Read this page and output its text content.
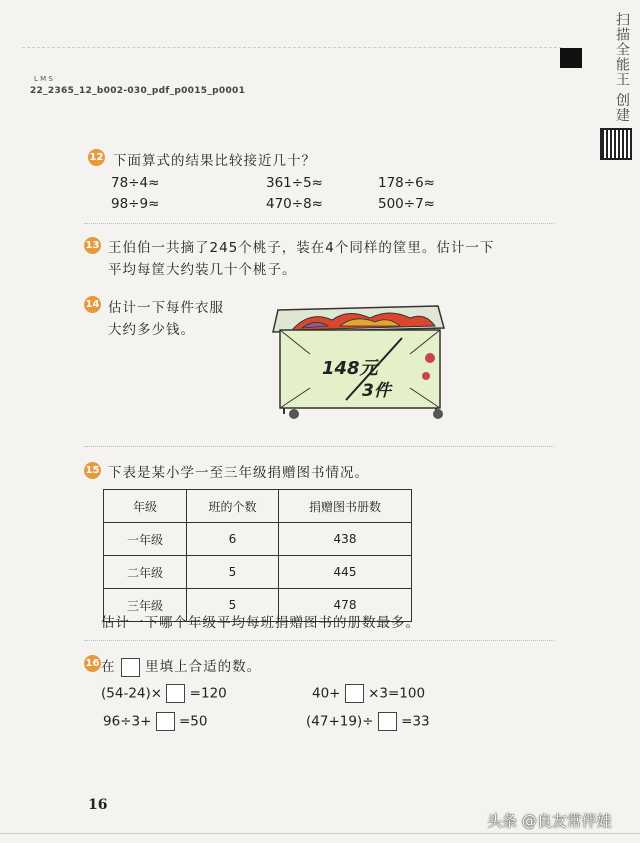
L M S
22_2365_12_b002-030_pdf_p0015_p0001	扫描全能王 创建
12 下面算式的结果比较接近几十？
78÷4≈	361÷5≈	178÷6≈
98÷9≈	470÷8≈	500÷7≈
13 王伯伯一共摘了245个桃子，装在4个同样的筐里。估计一下
平均每筐大约装几十个桃子。
14 估计一下每件衣服
大约多少钱。
148元
3件
15 下表是某小学一至三年级捐赠图书情况。
年级	班的个数	捐赠图书册数
一年级	6	438
二年级	5	445
三年级	5	478
估计一下哪个年级平均每班捐赠图书的册数最多。
16 在 里填上合适的数。
(54-24)× =120	40+ ×3=100
96÷3+ =50	(47+19)÷ =33
16
头条 @良友常伴娃
